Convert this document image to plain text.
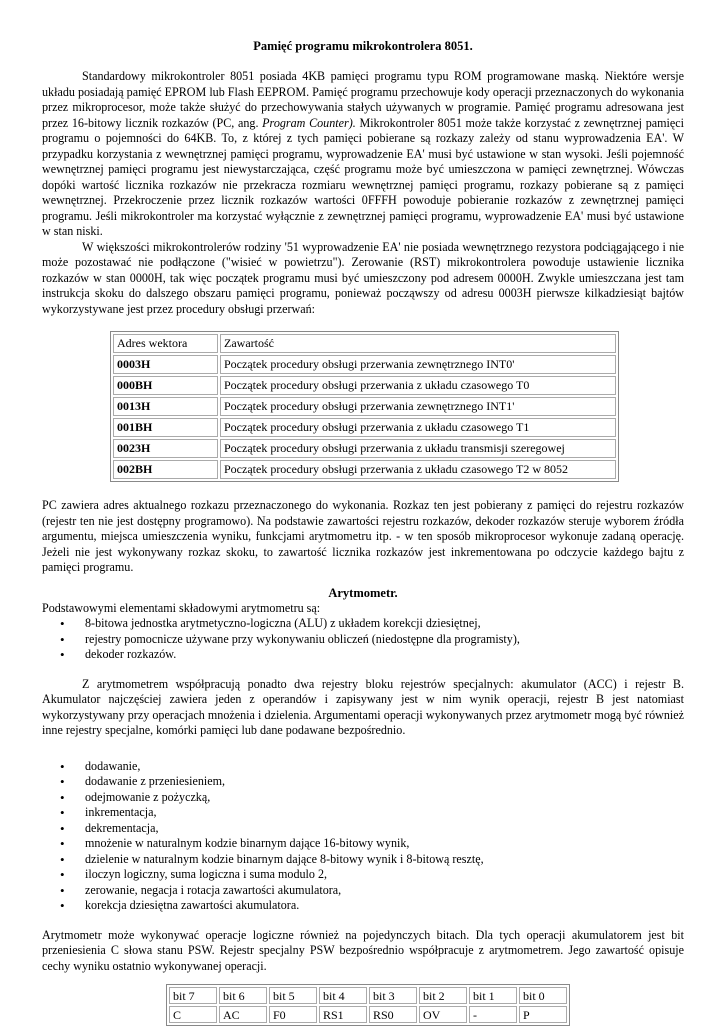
Pamięć programu mikrokontrolera 8051.

Standardowy mikrokontroler 8051 posiada 4KB pamięci programu typu ROM programowane maską. Niektóre wersje układu posiadają pamięć EPROM lub Flash EEPROM. Pamięć programu przechowuje kody operacji przeznaczonych do wykonania przez mikroprocesor, może także służyć do przechowywania stałych używanych w programie. Pamięć programu adresowana jest przez 16-bitowy licznik rozkazów (PC, ang. Program Counter). Mikrokontroler 8051 może także korzystać z zewnętrznej pamięci programu o pojemności do 64KB. To, z której z tych pamięci pobierane są rozkazy zależy od stanu wyprowadzenia EA'. W przypadku korzystania z wewnętrznej pamięci programu, wyprowadzenie EA' musi być ustawione w stan wysoki. Jeśli pojemność wewnętrznej pamięci programu jest niewystarczająca, część programu może być umieszczona w pamięci zewnętrznej. Wówczas dopóki wartość licznika rozkazów nie przekracza rozmiaru wewnętrznej pamięci programu, rozkazy pobierane są z pamięci wewnętrznej. Przekroczenie przez licznik rozkazów wartości 0FFFH powoduje pobieranie rozkazów z zewnętrznej pamięci programu. Jeśli mikrokontroler ma korzystać wyłącznie z zewnętrznej pamięci programu, wyprowadzenie EA' musi być ustawione w stan niski.

W większości mikrokontrolerów rodziny '51 wyprowadzenie EA' nie posiada wewnętrznego rezystora podciągającego i nie może pozostawać nie podłączone ("wisieć w powietrzu"). Zerowanie (RST) mikrokontrolera powoduje ustawienie licznika rozkazów w stan 0000H, tak więc początek programu musi być umieszczony pod adresem 0000H. Zwykle umieszczana jest tam instrukcja skoku do dalszego obszaru pamięci programu, ponieważ począwszy od adresu 0003H pierwsze kilkadziesiąt bajtów wykorzystywane jest przez procedury obsługi przerwań:

Adres wektora	Zawartość
0003H	Początek procedury obsługi przerwania zewnętrznego INT0'
000BH	Początek procedury obsługi przerwania z układu czasowego T0
0013H	Początek procedury obsługi przerwania zewnętrznego INT1'
001BH	Początek procedury obsługi przerwania z układu czasowego T1
0023H	Początek procedury obsługi przerwania z układu transmisji szeregowej
002BH	Początek procedury obsługi przerwania z układu czasowego T2 w 8052

PC zawiera adres aktualnego rozkazu przeznaczonego do wykonania. Rozkaz ten jest pobierany z pamięci do rejestru rozkazów (rejestr ten nie jest dostępny programowo). Na podstawie zawartości rejestru rozkazów, dekoder rozkazów steruje wyborem źródła argumentu, miejsca umieszczenia wyniku, funkcjami arytmometru itp. - w ten sposób mikroprocesor wykonuje zadaną operację. Jeżeli nie jest wykonywany rozkaz skoku, to zawartość licznika rozkazów jest inkrementowana po odczycie każdego bajtu z pamięci programu.

Arytmometr.

Podstawowymi elementami składowymi arytmometru są:

• 8-bitowa jednostka arytmetyczno-logiczna (ALU) z układem korekcji dziesiętnej,
• rejestry pomocnicze używane przy wykonywaniu obliczeń (niedostępne dla programisty),
• dekoder rozkazów.

Z arytmometrem współpracują ponadto dwa rejestry bloku rejestrów specjalnych: akumulator (ACC) i rejestr B. Akumulator najczęściej zawiera jeden z operandów i zapisywany jest w nim wynik operacji, rejestr B jest natomiast wykorzystywany przy operacjach mnożenia i dzielenia. Argumentami operacji wykonywanych przez arytmometr mogą być również inne rejestry specjalne, komórki pamięci lub dane podawane bezpośrednio.

• dodawanie,
• dodawanie z przeniesieniem,
• odejmowanie z pożyczką,
• inkrementacja,
• dekrementacja,
• mnożenie w naturalnym kodzie binarnym dające 16-bitowy wynik,
• dzielenie w naturalnym kodzie binarnym dające 8-bitowy wynik i 8-bitową resztę,
• iloczyn logiczny, suma logiczna i suma modulo 2,
• zerowanie, negacja i rotacja zawartości akumulatora,
• korekcja dziesiętna zawartości akumulatora.

Arytmometr może wykonywać operacje logiczne również na pojedynczych bitach. Dla tych operacji akumulatorem jest bit przeniesienia C słowa stanu PSW. Rejestr specjalny PSW bezpośrednio współpracuje z arytmometrem. Jego zawartość opisuje cechy wyniku ostatnio wykonywanej operacji.

bit 7	bit 6	bit 5	bit 4	bit 3	bit 2	bit 1	bit 0
C	AC	F0	RS1	RS0	OV	-	P
